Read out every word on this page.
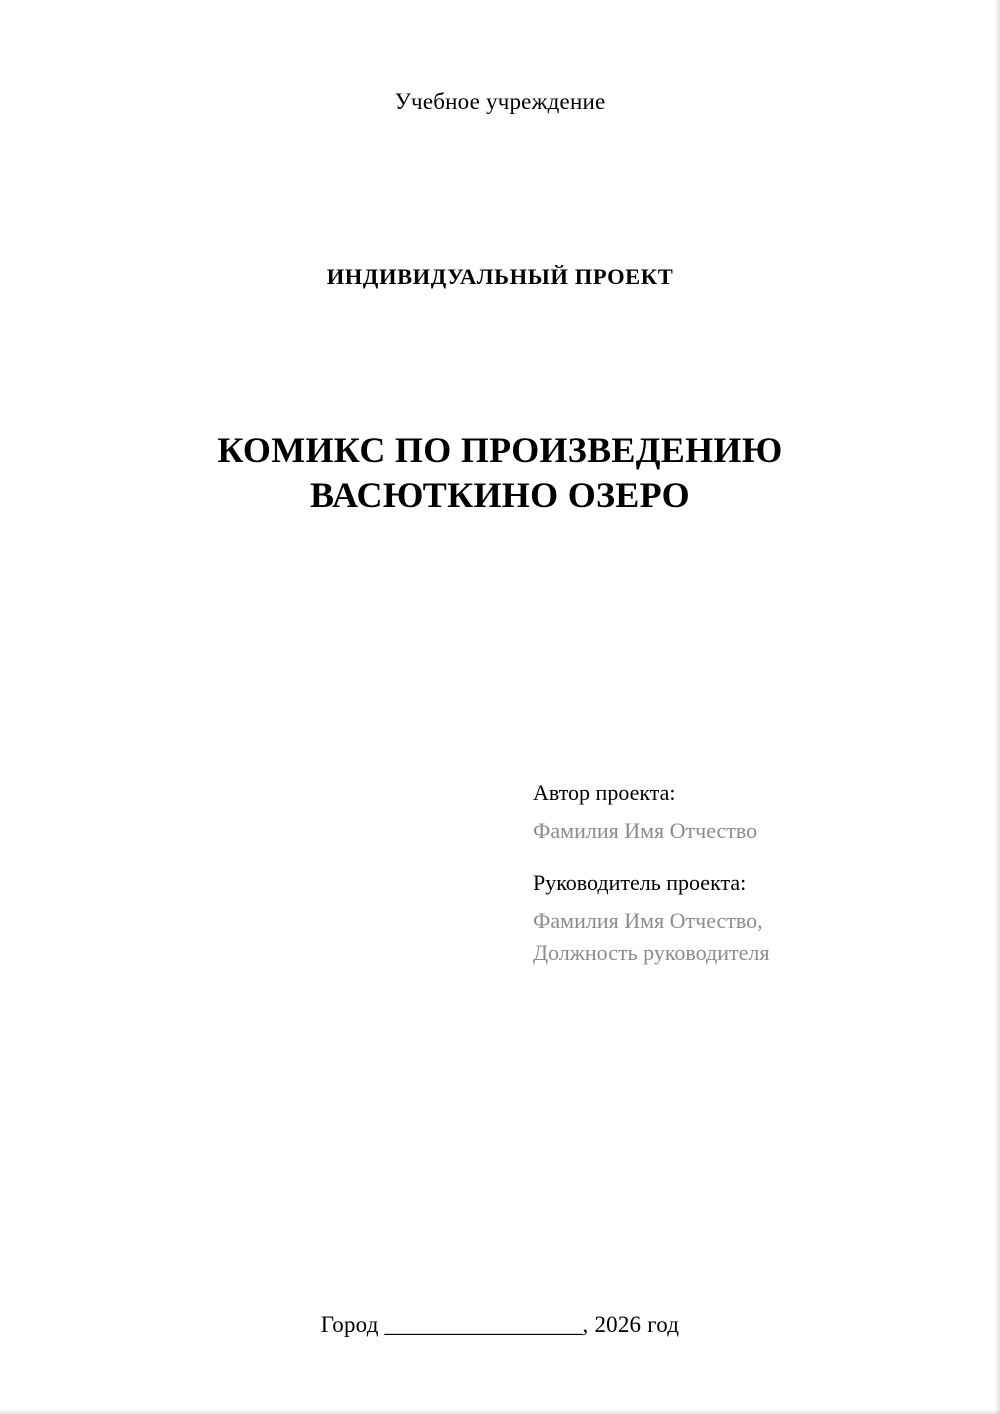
Учебное учреждение
ИНДИВИДУАЛЬНЫЙ ПРОЕКТ
КОМИКС ПО ПРОИЗВЕДЕНИЮ
ВАСЮТКИНО ОЗЕРО
Автор проекта:
Фамилия Имя Отчество
Руководитель проекта:
Фамилия Имя Отчество,
Должность руководителя
Город __________________, 2026 год
